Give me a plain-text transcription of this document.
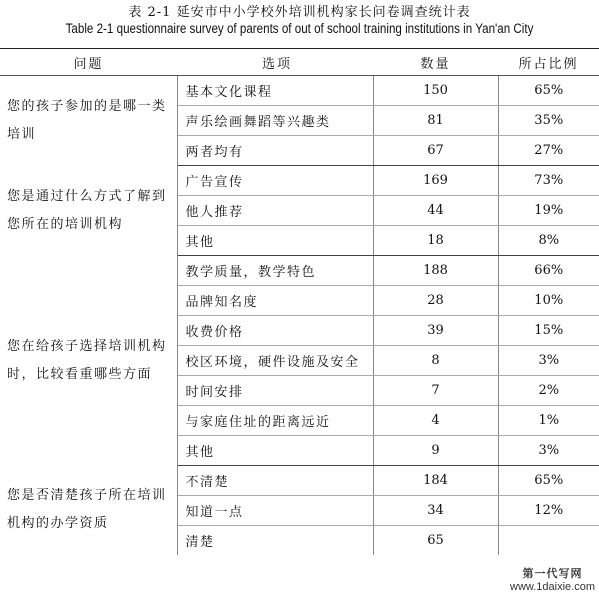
表 2-1 延安市中小学校外培训机构家长问卷调查统计表
Table 2-1 questionnaire survey of parents of out of school training institutions in Yan'an City
问题	选项	数量	所占比例
您的孩子参加的是哪一类培训	基本文化课程	150	65%
	声乐绘画舞蹈等兴趣类	81	35%
	两者均有	67	27%
您是通过什么方式了解到您所在的培训机构	广告宣传	169	73%
	他人推荐	44	19%
	其他	18	8%
您在给孩子选择培训机构时，比较看重哪些方面	教学质量，教学特色	188	66%
	品牌知名度	28	10%
	收费价格	39	15%
	校区环境，硬件设施及安全	8	3%
	时间安排	7	2%
	与家庭住址的距离远近	4	1%
	其他	9	3%
您是否清楚孩子所在培训机构的办学资质	不清楚	184	65%
	知道一点	34	12%
	清楚	65	
第一代写网
www.1daixie.com
